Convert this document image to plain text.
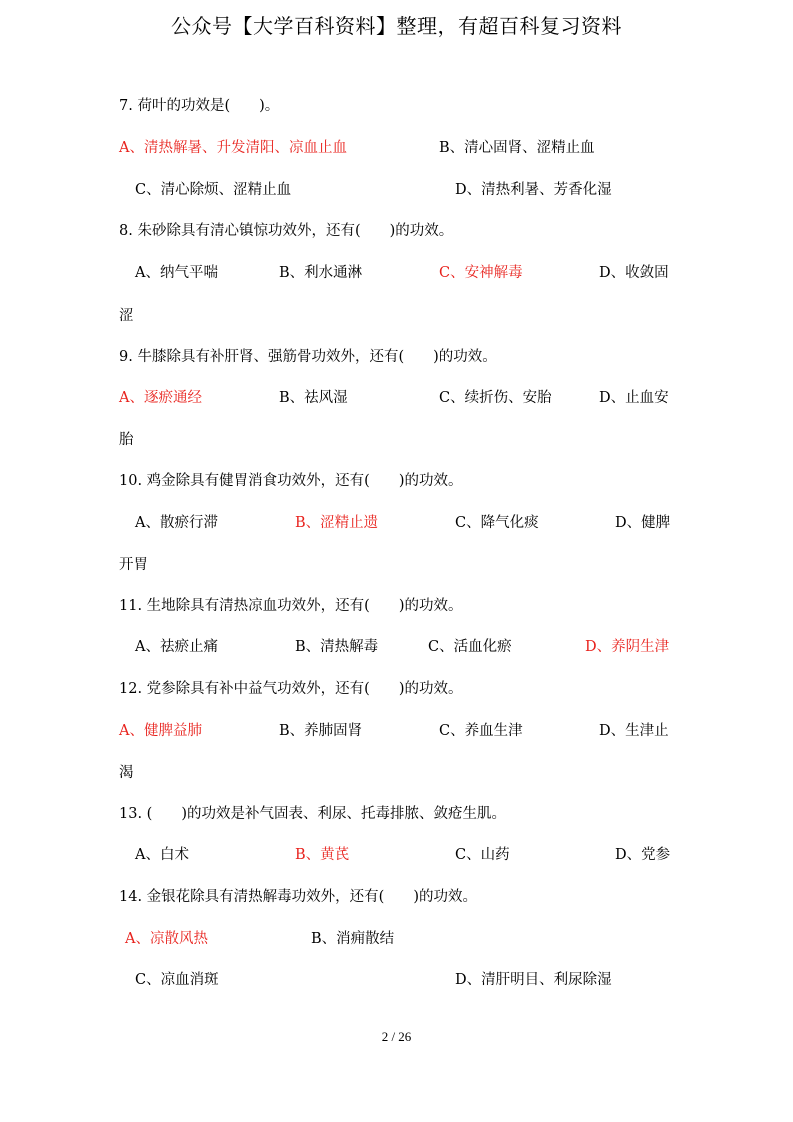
公众号【大学百科资料】整理，有超百科复习资料
7. 荷叶的功效是(　　)。
A、清热解暑、升发清阳、凉血止血	B、清心固肾、涩精止血
C、清心除烦、涩精止血	D、清热利暑、芳香化湿
8. 朱砂除具有清心镇惊功效外，还有(　　)的功效。
A、纳气平喘	B、利水通淋	C、安神解毒	D、收敛固
涩
9. 牛膝除具有补肝肾、强筋骨功效外，还有(　　)的功效。
A、逐瘀通经	B、祛风湿	C、续折伤、安胎	D、止血安
胎
10. 鸡金除具有健胃消食功效外，还有(　　)的功效。
A、散瘀行滞	B、涩精止遗	C、降气化痰	D、健脾
开胃
11. 生地除具有清热凉血功效外，还有(　　)的功效。
A、祛瘀止痛	B、清热解毒	C、活血化瘀	D、养阴生津
12. 党参除具有补中益气功效外，还有(　　)的功效。
A、健脾益肺	B、养肺固肾	C、养血生津	D、生津止
渴
13. (　　)的功效是补气固表、利尿、托毒排脓、敛疮生肌。
A、白术	B、黄芪	C、山药	D、党参
14. 金银花除具有清热解毒功效外，还有(　　)的功效。
A、凉散风热	B、消痈散结
C、凉血消斑	D、清肝明目、利尿除湿
2 / 26
